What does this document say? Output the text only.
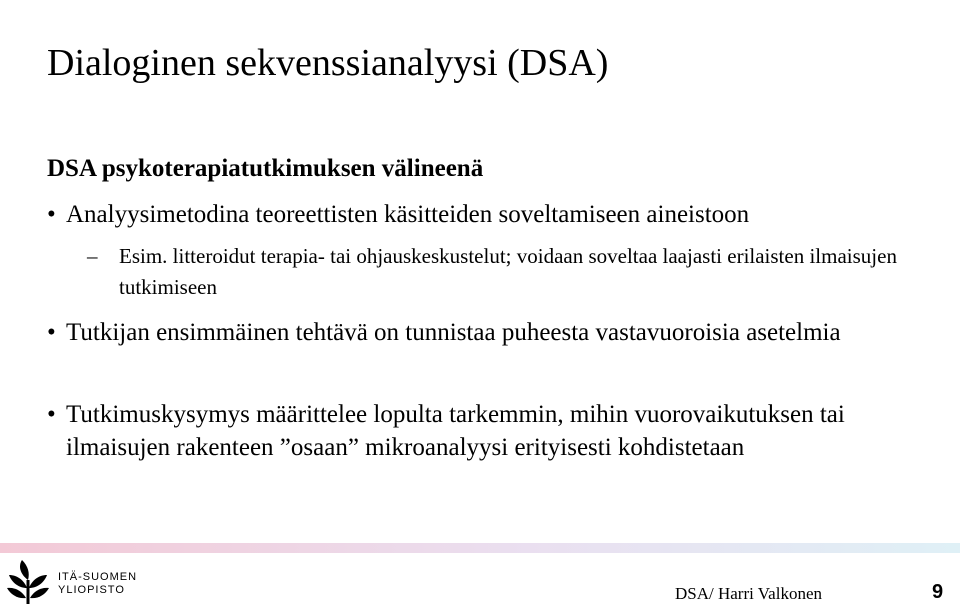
Dialoginen sekvenssianalyysi (DSA)
DSA psykoterapiatutkimuksen välineenä
• Analyysimetodina teoreettisten käsitteiden soveltamiseen aineistoon
–	Esim. litteroidut terapia- tai ohjauskeskustelut; voidaan soveltaa laajasti erilaisten ilmaisujen tutkimiseen
• Tutkijan ensimmäinen tehtävä on tunnistaa puheesta vastavuoroisia asetelmia
• Tutkimuskysymys määrittelee lopulta tarkemmin, mihin vuorovaikutuksen tai ilmaisujen rakenteen ”osaan” mikroanalyysi erityisesti kohdistetaan
ITÄ-SUOMEN
YLIOPISTO	DSA/ Harri Valkonen	9
